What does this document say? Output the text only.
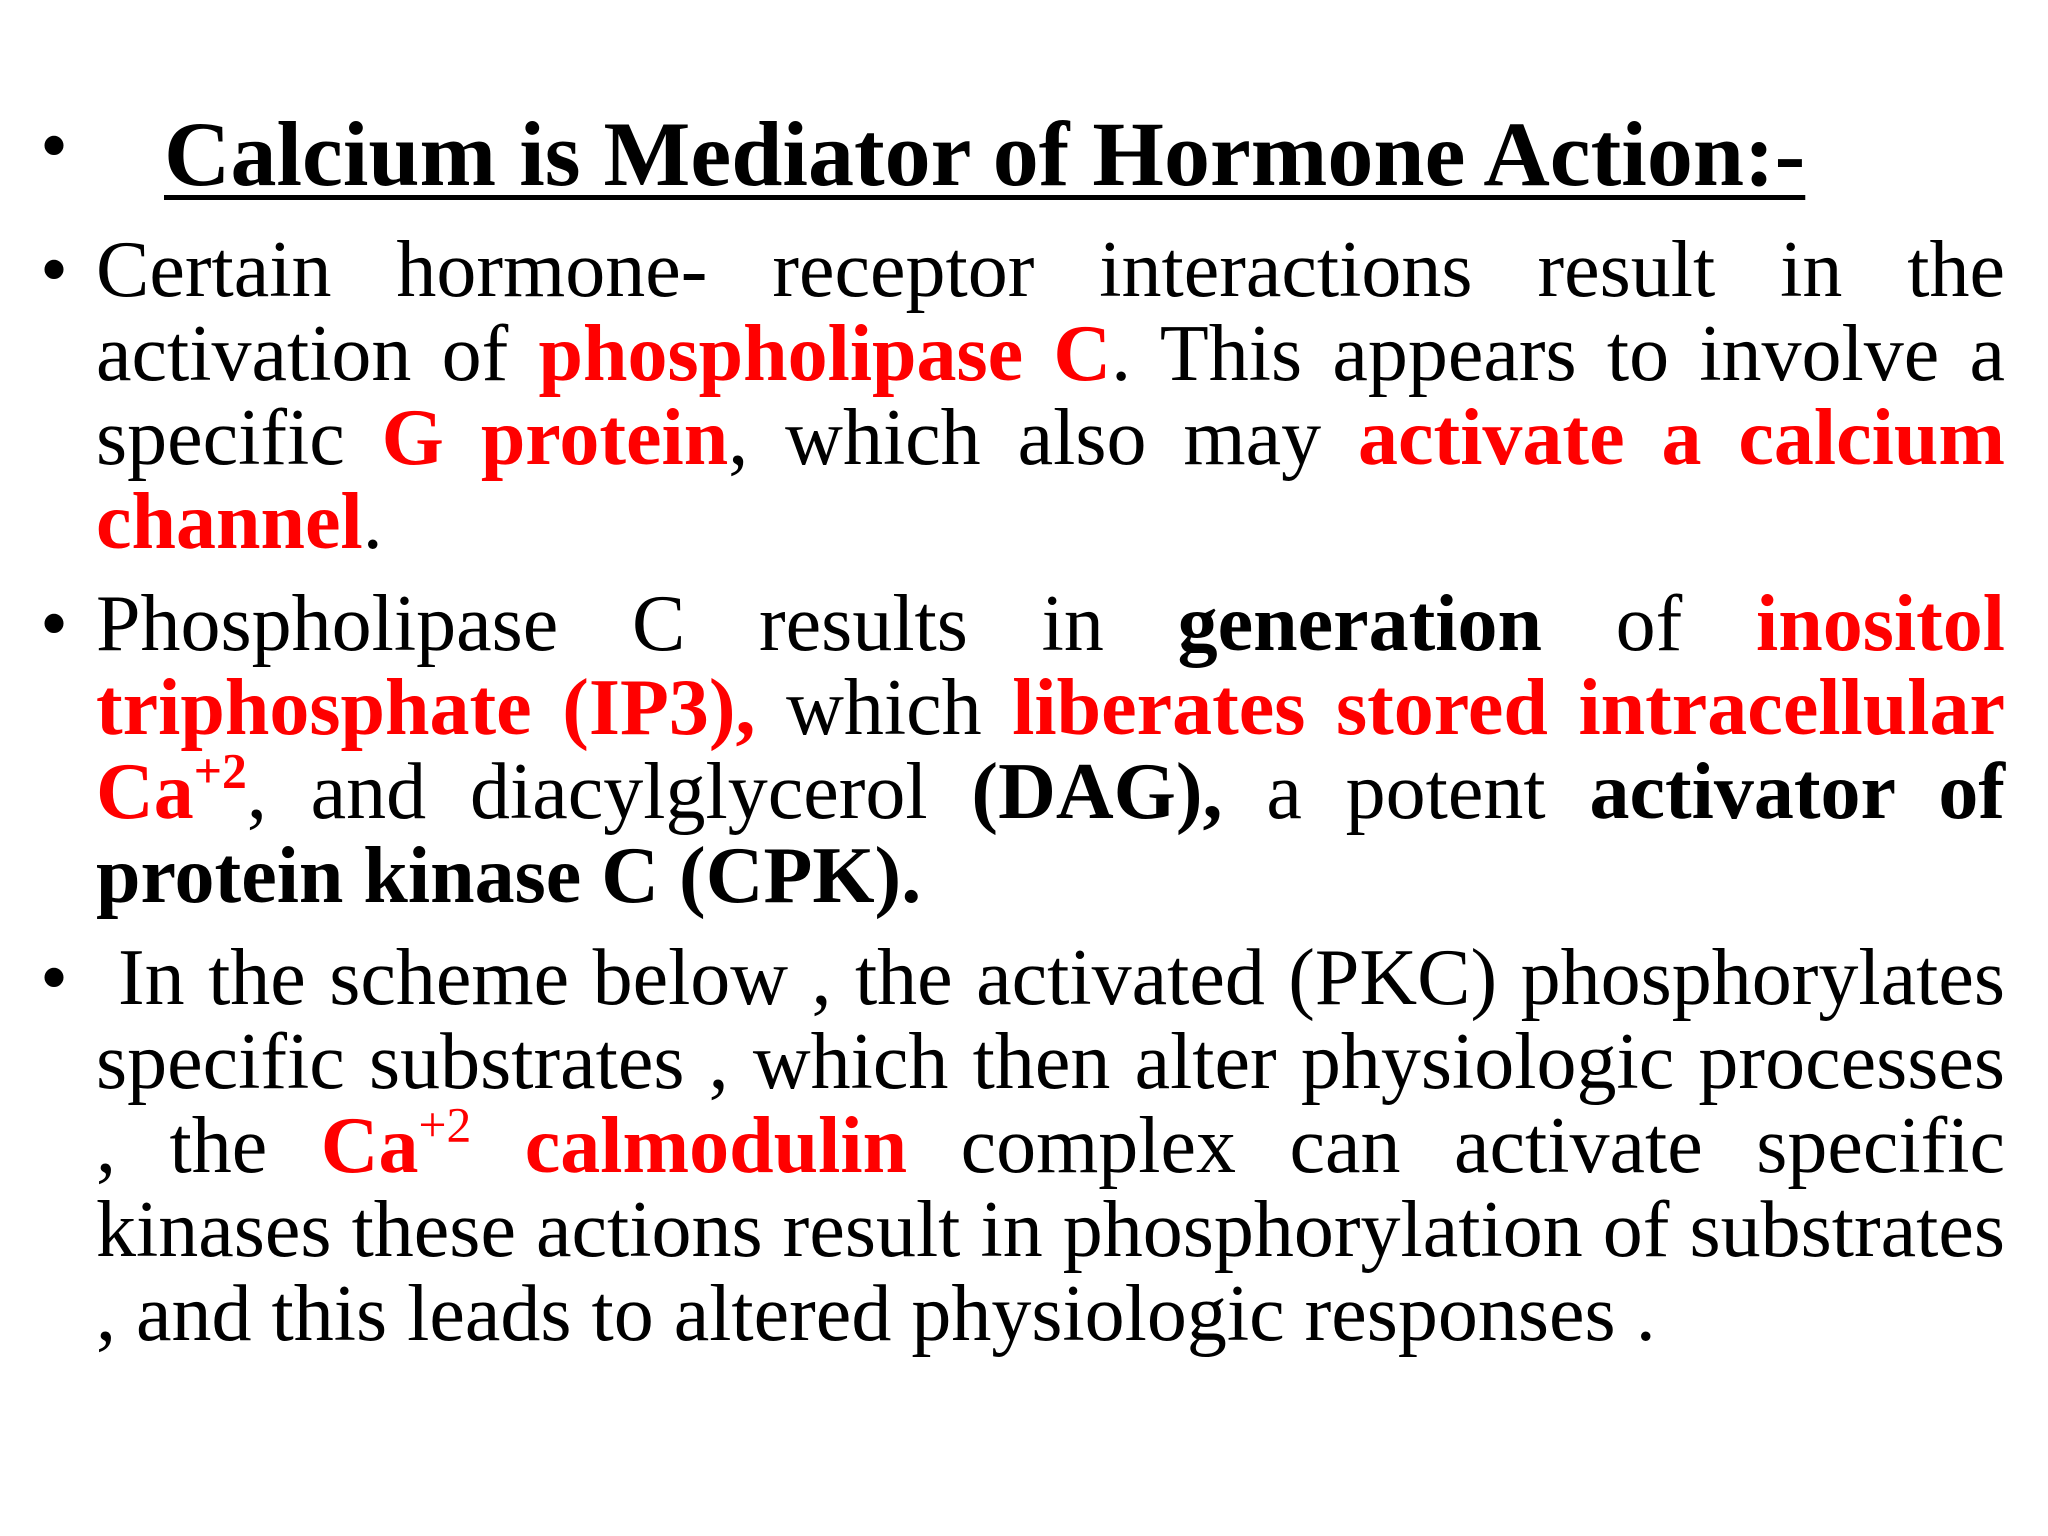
• Calcium is Mediator of Hormone Action:-
• Certain hormone- receptor interactions result in the activation of phospholipase C. This appears to involve a specific G protein, which also may activate a calcium channel.
• Phospholipase C results in generation of inositol triphosphate (IP3), which liberates stored intracellular $Ca^{+2}$, and diacylglycerol (DAG), a potent activator of protein kinase C (CPK).
• In the scheme below , the activated (PKC) phosphorylates specific substrates , which then alter physiologic processes , the $Ca^{+2}$ calmodulin complex can activate specific kinases these actions result in phosphorylation of substrates , and this leads to altered physiologic responses .
